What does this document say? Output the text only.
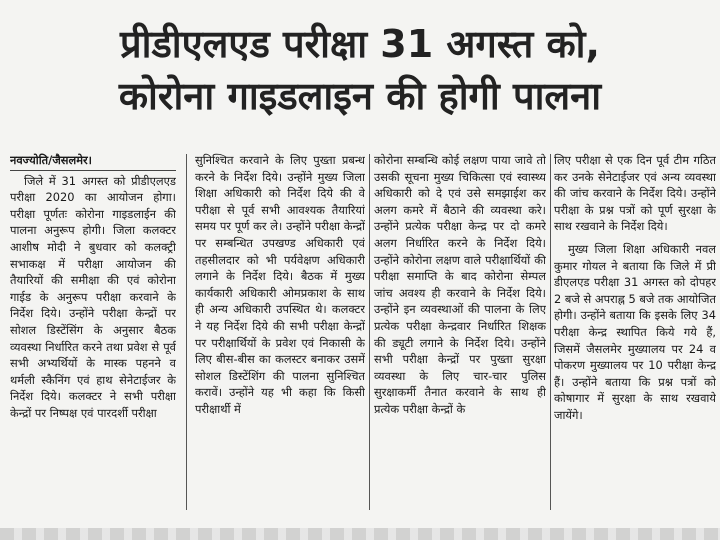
प्रीडीएलएड परीक्षा 31 अगस्त को,
कोरोना गाइडलाइन की होगी पालना
नवज्योति/जैसलमेर।

जिले में 31 अगस्त को प्रीडीएलएड परीक्षा 2020 का आयोजन होगा। परीक्षा पूर्णतः कोरोना गाइडलाईन की पालना अनुरूप होगी। जिला कलक्टर आशीष मोदी ने बुधवार को कलक्ट्री सभाकक्ष में परीक्षा आयोजन की तैयारियों की समीक्षा की एवं कोरोना गाईड के अनुरूप परीक्षा करवाने के निर्देश दिये। उन्होंने परीक्षा केन्द्रों पर सोशल डिस्टेंसिंग के अनुसार बैठक व्यवस्था निर्धारित करने तथा प्रवेश से पूर्व सभी अभ्यर्थियों के मास्क पहनने व थर्मली स्कैनिंग एवं हाथ सेनेटाईजर के निर्देश दिये। कलक्टर ने सभी परीक्षा केन्द्रों पर निष्पक्ष एवं पारदर्शी परीक्षा

सुनिश्चित करवाने के लिए पुख्ता प्रबन्ध करने के निर्देश दिये। उन्होंने मुख्य जिला शिक्षा अधिकारी को निर्देश दिये की वे परीक्षा से पूर्व सभी आवश्यक तैयारियां समय पर पूर्ण कर ले। उन्होंने परीक्षा केन्द्रों पर सम्बन्धित उपखण्ड अधिकारी एवं तहसीलदार को भी पर्यवेक्षण अधिकारी लगाने के निर्देश दिये। बैठक में मुख्य कार्यकारी अधिकारी ओमप्रकाश के साथ ही अन्य अधिकारी उपस्थित थे। कलक्टर ने यह निर्देश दिये की सभी परीक्षा केन्द्रों पर परीक्षार्थियों के प्रवेश एवं निकासी के लिए बीस-बीस का कलस्टर बनाकर उसमें सोशल डिस्टेंशिंग की पालना सुनिश्चित करावें। उन्होंने यह भी कहा कि किसी परीक्षार्थी में

कोरोना सम्बन्धि कोई लक्षण पाया जावे तो उसकी सूचना मुख्य चिकित्सा एवं स्वास्थ्य अधिकारी को दे एवं उसे समझाईश कर अलग कमरे में बैठाने की व्यवस्था करे। उन्होंने प्रत्येक परीक्षा केन्द्र पर दो कमरे अलग निर्धारित करने के निर्देश दिये। उन्होंने कोरोना लक्षण वाले परीक्षार्थियों की परीक्षा समाप्ति के बाद कोरोना सेम्पल जांच अवश्य ही करवाने के निर्देश दिये। उन्होंने इन व्यवस्थाओं की पालना के लिए प्रत्येक परीक्षा केन्द्रवार निर्धारित शिक्षक की ड्यूटी लगाने के निर्देश दिये। उन्होंने सभी परीक्षा केन्द्रों पर पुख्ता सुरक्षा व्यवस्था के लिए चार-चार पुलिस सुरक्षाकर्मी तैनात करवाने के साथ ही प्रत्येक परीक्षा केन्द्रों के

लिए परीक्षा से एक दिन पूर्व टीम गठित कर उनके सेनेटाईजर एवं अन्य व्यवस्था की जांच करवाने के निर्देश दिये। उन्होंने परीक्षा के प्रश्न पत्रों को पूर्ण सुरक्षा के साथ रखवाने के निर्देश दिये।

मुख्य जिला शिक्षा अधिकारी नवल कुमार गोयल ने बताया कि जिले में प्री डीएलएड परीक्षा 31 अगस्त को दोपहर 2 बजे से अपराह्न 5 बजे तक आयोजित होगी। उन्होंने बताया कि इसके लिए 34 परीक्षा केन्द्र स्थापित किये गये हैं, जिसमें जैसलमेर मुख्यालय पर 24 व पोकरण मुख्यालय पर 10 परीक्षा केन्द्र हैं। उन्होंने बताया कि प्रश्न पत्रों को कोषागार में सुरक्षा के साथ रखवाये जायेंगे।
